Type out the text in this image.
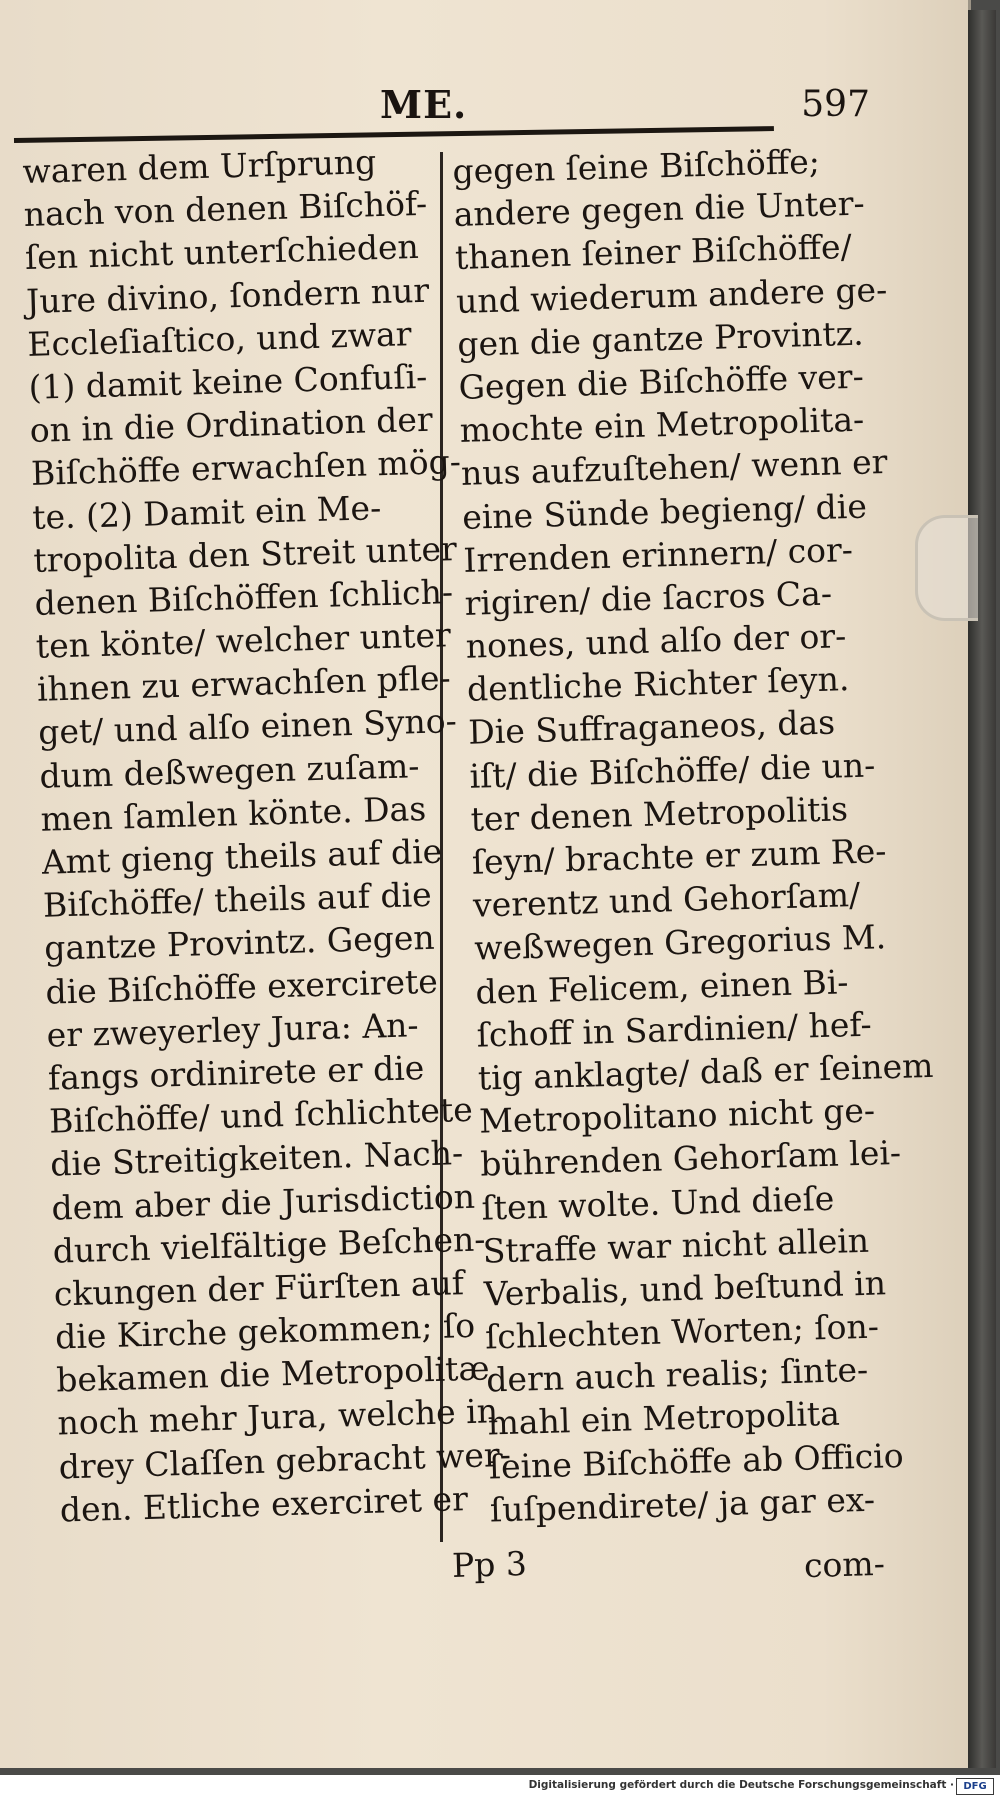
ME.	597
waren dem Urſprung
nach von denen Biſchöf-
ſen nicht unterſchieden
Jure divino, ſondern nur
Eccleſiaſtico, und zwar
(1) damit keine Confuſi-
on in die Ordination der
Biſchöffe erwachſen mög-
te. (2) Damit ein Me-
tropolita den Streit unter
denen Biſchöffen ſchlich-
ten könte/ welcher unter
ihnen zu erwachſen pfle-
get/ und alſo einen Syno-
dum deßwegen zuſam-
men ſamlen könte. Das
Amt gieng theils auf die
Biſchöffe/ theils auf die
gantze Provintz. Gegen
die Biſchöffe exercirete
er zweyerley Jura: An-
fangs ordinirete er die
Biſchöffe/ und ſchlichtete
die Streitigkeiten. Nach-
dem aber die Jurisdiction
durch vielfältige Beſchen-
ckungen der Fürſten auf
die Kirche gekommen; ſo
bekamen die Metropolitæ
noch mehr Jura, welche in
drey Claſſen gebracht wer-
den. Etliche exerciret er
gegen ſeine Biſchöffe;
andere gegen die Unter-
thanen ſeiner Biſchöffe/
und wiederum andere ge-
gen die gantze Provintz.
Gegen die Biſchöffe ver-
mochte ein Metropolita-
nus aufzuſtehen/ wenn er
eine Sünde begieng/ die
Irrenden erinnern/ cor-
rigiren/ die ſacros Ca-
nones, und alſo der or-
dentliche Richter ſeyn.
Die Suffraganeos, das
iſt/ die Biſchöffe/ die un-
ter denen Metropolitis
ſeyn/ brachte er zum Re-
verentz und Gehorſam/
weßwegen Gregorius M.
den Felicem, einen Bi-
ſchoff in Sardinien/ hef-
tig anklagte/ daß er ſeinem
Metropolitano nicht ge-
bührenden Gehorſam lei-
ſten wolte. Und dieſe
Straffe war nicht allein
Verbalis, und beſtund in
ſchlechten Worten; ſon-
dern auch realis; ſinte-
mahl ein Metropolita
ſeine Biſchöffe ab Officio
ſuſpendirete/ ja gar ex-
Pp 3	com-
Digitalisierung gefördert durch die Deutsche Forschungsgemeinschaft · DFG
